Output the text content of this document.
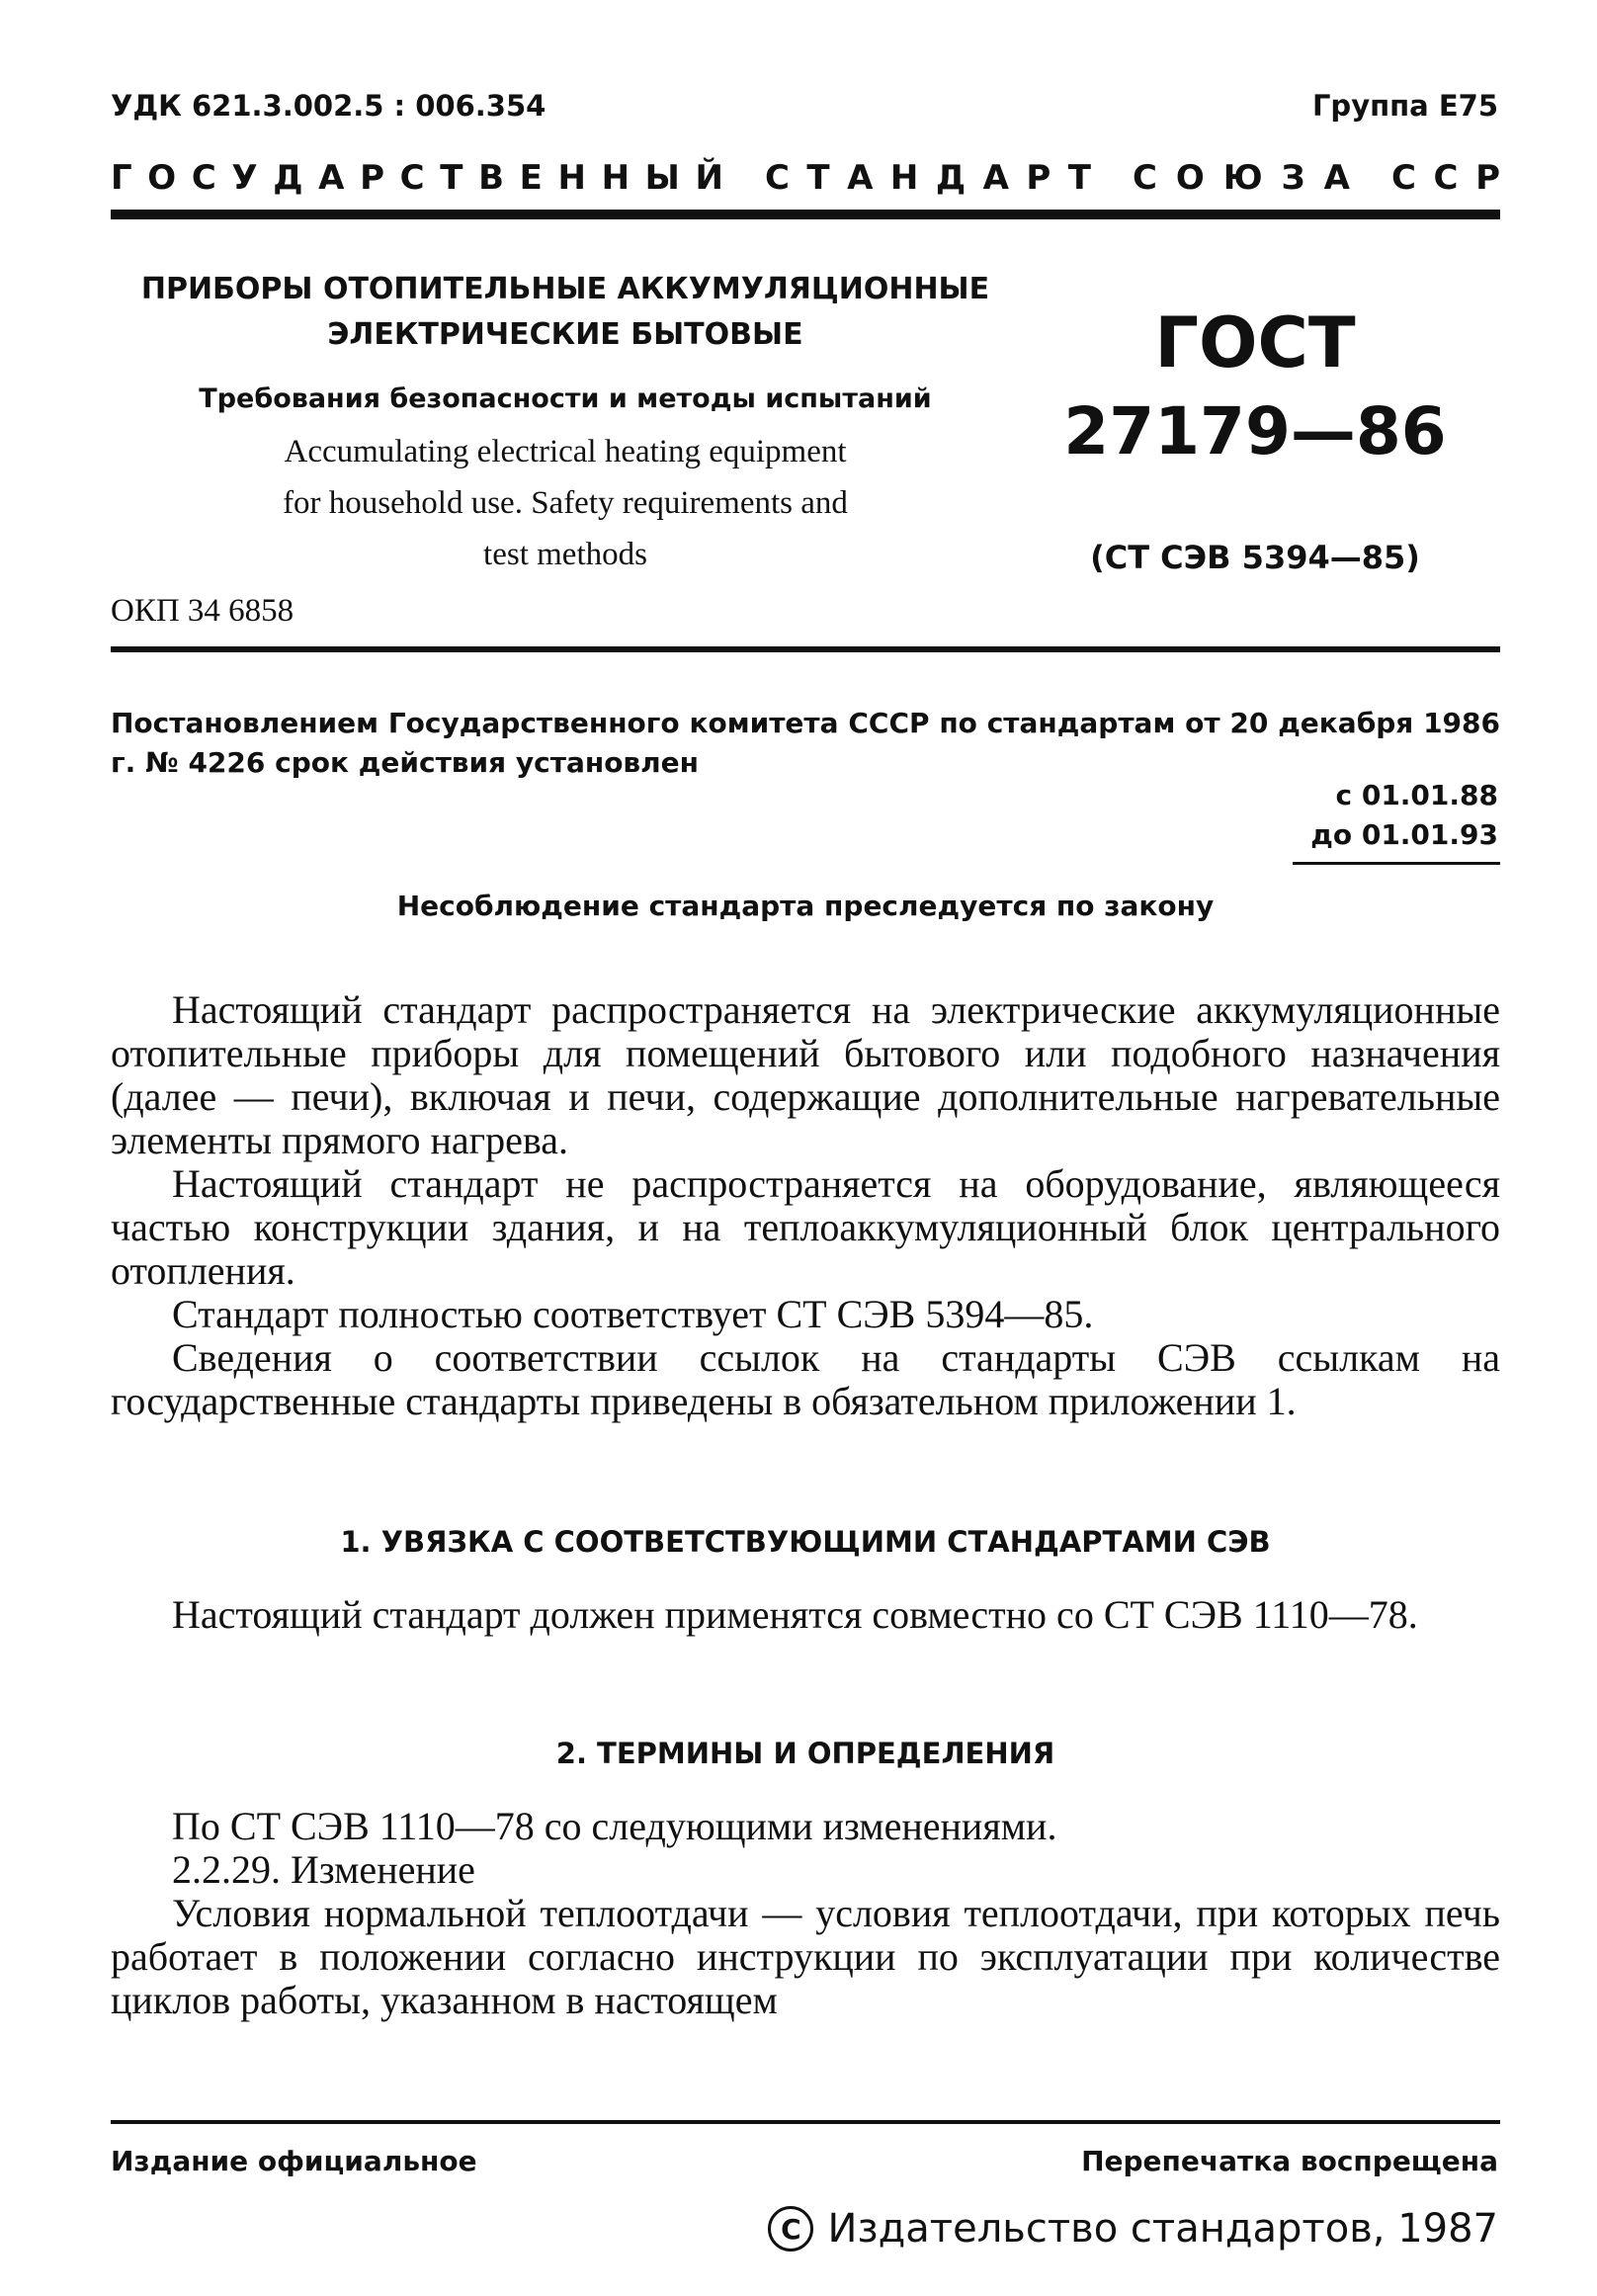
УДК 621.3.002.5 : 006.354	Группа Е75
Г О С У Д А Р С Т В Е Н Н Ы Й С Т А Н Д А Р Т С О Ю З А С С Р
ПРИБОРЫ ОТОПИТЕЛЬНЫЕ АККУМУЛЯЦИОННЫЕ
ЭЛЕКТРИЧЕСКИЕ БЫТОВЫЕ
Требования безопасности и методы испытаний
Accumulating electrical heating equipment
for household use. Safety requirements and
test methods
ГОСТ
27179—86
(СТ СЭВ 5394—85)
ОКП 34 6858
Постановлением Государственного комитета СССР по стандартам от 20 декабря 1986 г. № 4226 срок действия установлен
с 01.01.88
до 01.01.93
Несоблюдение стандарта преследуется по закону
Настоящий стандарт распространяется на электрические аккумуляционные отопительные приборы для помещений бытового или подобного назначения (далее — печи), включая и печи, содержащие дополнительные нагревательные элементы прямого нагрева.
Настоящий стандарт не распространяется на оборудование, являющееся частью конструкции здания, и на теплоаккумуляционный блок центрального отопления.
Стандарт полностью соответствует СТ СЭВ 5394—85.
Сведения о соответствии ссылок на стандарты СЭВ ссылкам на государственные стандарты приведены в обязательном приложении 1.
1. УВЯЗКА С СООТВЕТСТВУЮЩИМИ СТАНДАРТАМИ СЭВ
Настоящий стандарт должен применятся совместно со СТ СЭВ 1110—78.
2. ТЕРМИНЫ И ОПРЕДЕЛЕНИЯ
По СТ СЭВ 1110—78 со следующими изменениями.
2.2.29. Изменение
Условия нормальной теплоотдачи — условия теплоотдачи, при которых печь работает в положении согласно инструкции по эксплуатации при количестве циклов работы, указанном в настоящем
Издание официальное	Перепечатка воспрещена
C Издательство стандартов, 1987
